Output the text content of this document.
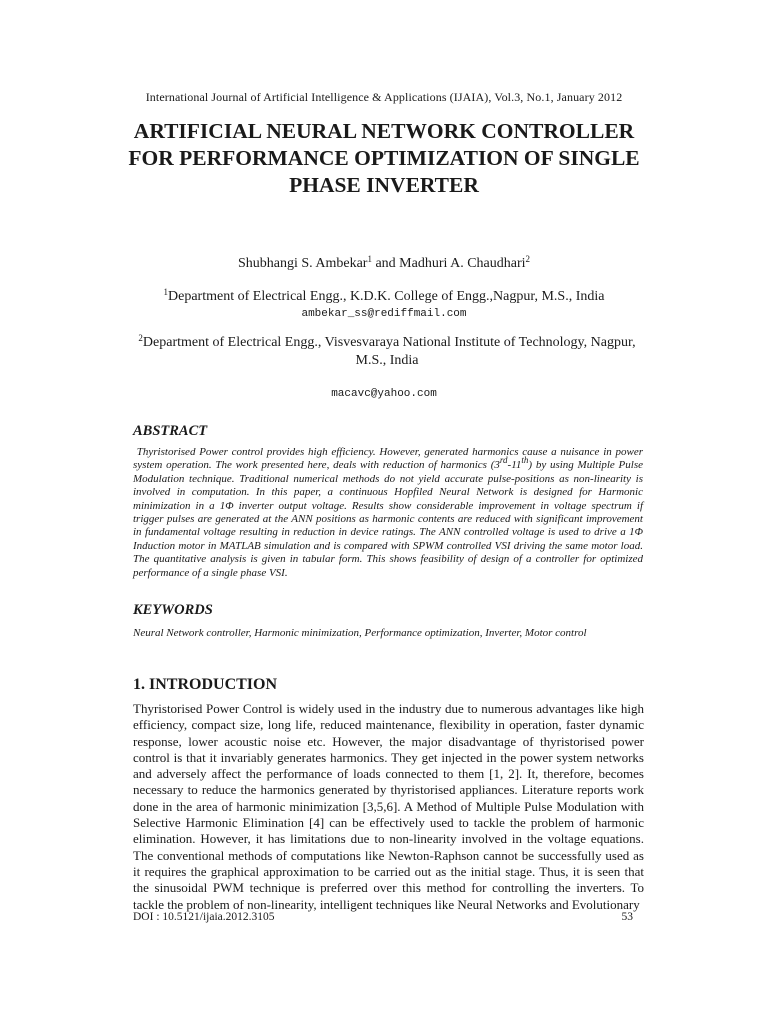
International Journal of Artificial Intelligence & Applications (IJAIA), Vol.3, No.1, January 2012
ARTIFICIAL NEURAL NETWORK CONTROLLER FOR PERFORMANCE OPTIMIZATION OF SINGLE PHASE INVERTER
Shubhangi S. Ambekar$^1$ and Madhuri A. Chaudhari$^2$
$^1$Department of Electrical Engg., K.D.K. College of Engg.,Nagpur, M.S., India
ambekar_ss@rediffmail.com
$^2$Department of Electrical Engg., Visvesvaraya National Institute of Technology, Nagpur, M.S., India
macavc@yahoo.com
ABSTRACT
Thyristorised Power control provides high efficiency. However, generated harmonics cause a nuisance in power system operation. The work presented here, deals with reduction of harmonics (3rd-11th) by using Multiple Pulse Modulation technique. Traditional numerical methods do not yield accurate pulse-positions as non-linearity is involved in computation. In this paper, a continuous Hopfiled Neural Network is designed for Harmonic minimization in a 1Φ inverter output voltage. Results show considerable improvement in voltage spectrum if trigger pulses are generated at the ANN positions as harmonic contents are reduced with significant improvement in fundamental voltage resulting in reduction in device ratings. The ANN controlled voltage is used to drive a 1Φ Induction motor in MATLAB simulation and is compared with SPWM controlled VSI driving the same motor load. The quantitative analysis is given in tabular form. This shows feasibility of design of a controller for optimized performance of a single phase VSI.
KEYWORDS
Neural Network controller, Harmonic minimization, Performance optimization, Inverter, Motor control
1. INTRODUCTION
Thyristorised Power Control is widely used in the industry due to numerous advantages like high efficiency, compact size, long life, reduced maintenance, flexibility in operation, faster dynamic response, lower acoustic noise etc. However, the major disadvantage of thyristorised power control is that it invariably generates harmonics. They get injected in the power system networks and adversely affect the performance of loads connected to them [1, 2]. It, therefore, becomes necessary to reduce the harmonics generated by thyristorised appliances. Literature reports work done in the area of harmonic minimization [3,5,6]. A Method of Multiple Pulse Modulation with Selective Harmonic Elimination [4] can be effectively used to tackle the problem of harmonic elimination. However, it has limitations due to non-linearity involved in the voltage equations. The conventional methods of computations like Newton-Raphson cannot be successfully used as it requires the graphical approximation to be carried out as the initial stage. Thus, it is seen that the sinusoidal PWM technique is preferred over this method for controlling the inverters. To tackle the problem of non-linearity, intelligent techniques like Neural Networks and Evolutionary
DOI : 10.5121/ijaia.2012.3105	53
